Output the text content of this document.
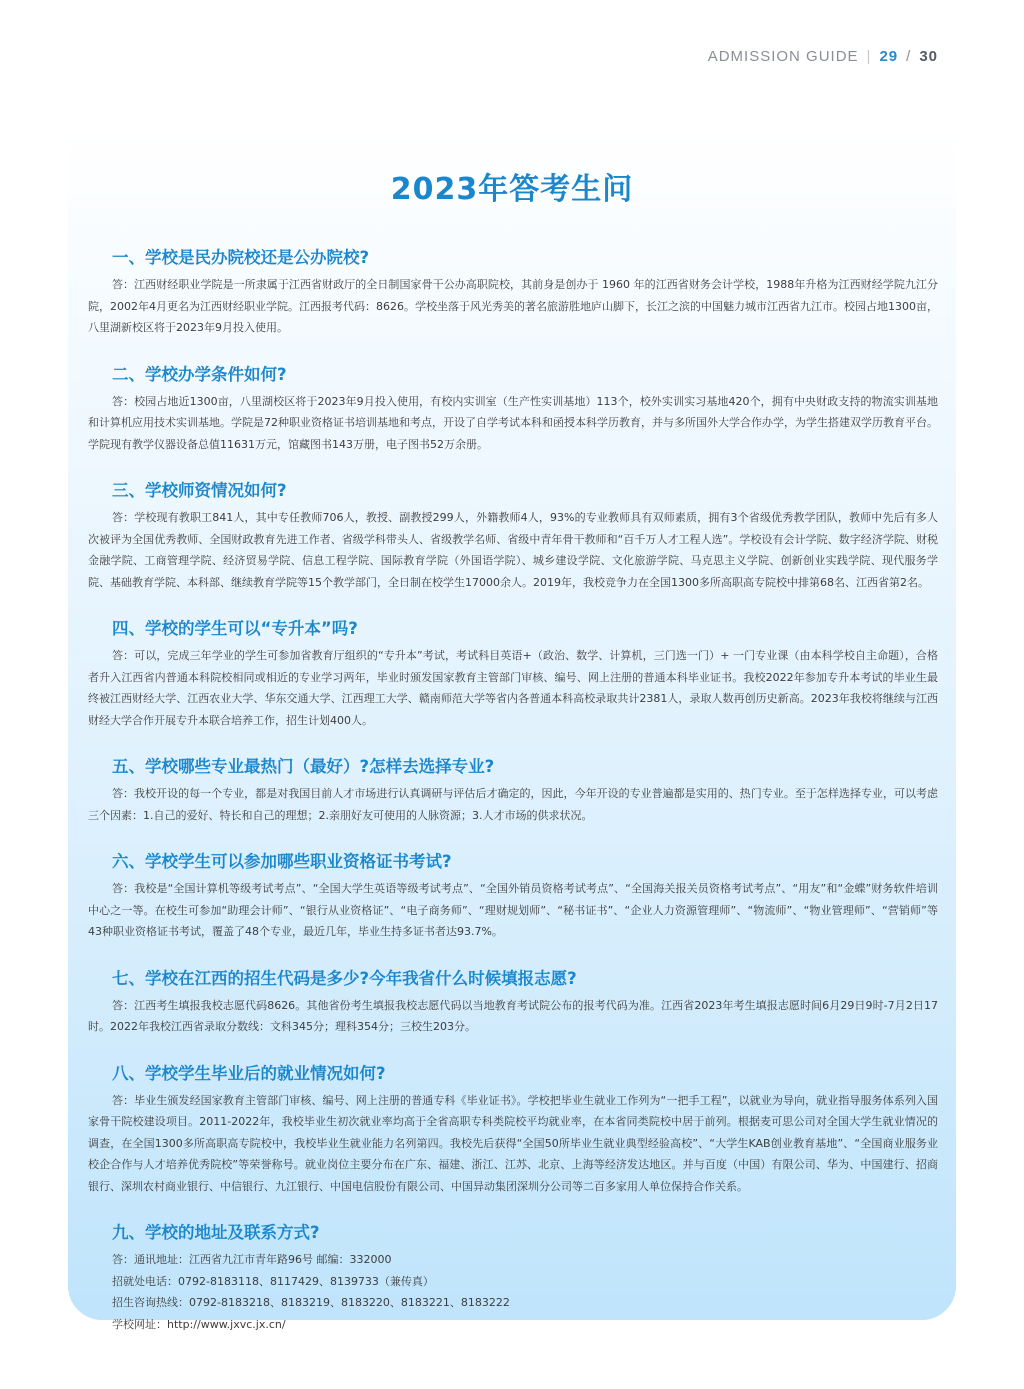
ADMISSION GUIDE | 29 / 30
2023年答考生问
一、学校是民办院校还是公办院校?

答：江西财经职业学院是一所隶属于江西省财政厅的全日制国家骨干公办高职院校，其前身是创办于 1960 年的江西省财务会计学校，1988年升格为江西财经学院九江分院，2002年4月更名为江西财经职业学院。江西报考代码：8626。学校坐落于风光秀美的著名旅游胜地庐山脚下，长江之滨的中国魅力城市江西省九江市。校园占地1300亩，八里湖新校区将于2023年9月投入使用。

二、学校办学条件如何?

答：校园占地近1300亩，八里湖校区将于2023年9月投入使用，有校内实训室（生产性实训基地）113个，校外实训实习基地420个，拥有中央财政支持的物流实训基地和计算机应用技术实训基地。学院是72种职业资格证书培训基地和考点，开设了自学考试本科和函授本科学历教育，并与多所国外大学合作办学，为学生搭建双学历教育平台。学院现有教学仪器设备总值11631万元，馆藏图书143万册，电子图书52万余册。

三、学校师资情况如何?

答：学校现有教职工841人，其中专任教师706人，教授、副教授299人，外籍教师4人，93%的专业教师具有双师素质，拥有3个省级优秀教学团队，教师中先后有多人次被评为全国优秀教师、全国财政教育先进工作者、省级学科带头人、省级教学名师、省级中青年骨干教师和“百千万人才工程人选”。学校设有会计学院、数字经济学院、财税金融学院、工商管理学院、经济贸易学院、信息工程学院、国际教育学院（外国语学院）、城乡建设学院、文化旅游学院、马克思主义学院、创新创业实践学院、现代服务学院、基础教育学院、本科部、继续教育学院等15个教学部门，全日制在校学生17000余人。2019年，我校竞争力在全国1300多所高职高专院校中排第68名、江西省第2名。

四、学校的学生可以“专升本”吗?

答：可以，完成三年学业的学生可参加省教育厅组织的“专升本”考试，考试科目英语+（政治、数学、计算机，三门选一门）+ 一门专业课（由本科学校自主命题），合格者升入江西省内普通本科院校相同或相近的专业学习两年，毕业时颁发国家教育主管部门审核、编号、网上注册的普通本科毕业证书。我校2022年参加专升本考试的毕业生最终被江西财经大学、江西农业大学、华东交通大学、江西理工大学、赣南师范大学等省内各普通本科高校录取共计2381人，录取人数再创历史新高。2023年我校将继续与江西财经大学合作开展专升本联合培养工作，招生计划400人。

五、学校哪些专业最热门（最好）?怎样去选择专业?

答：我校开设的每一个专业，都是对我国目前人才市场进行认真调研与评估后才确定的，因此，今年开设的专业普遍都是实用的、热门专业。至于怎样选择专业，可以考虑三个因素：1.自己的爱好、特长和自己的理想；2.亲朋好友可使用的人脉资源；3.人才市场的供求状况。

六、学校学生可以参加哪些职业资格证书考试?

答：我校是“全国计算机等级考试考点”、“全国大学生英语等级考试考点”、“全国外销员资格考试考点”、“全国海关报关员资格考试考点”、“用友”和“金蝶”财务软件培训中心之一等。在校生可参加“助理会计师”、“银行从业资格证”、“电子商务师”、“理财规划师”、“秘书证书”、“企业人力资源管理师”、“物流师”、“物业管理师”、“营销师”等43种职业资格证书考试，覆盖了48个专业，最近几年，毕业生持多证书者达93.7%。

七、学校在江西的招生代码是多少?今年我省什么时候填报志愿?

答：江西考生填报我校志愿代码8626。其他省份考生填报我校志愿代码以当地教育考试院公布的报考代码为准。江西省2023年考生填报志愿时间6月29日9时-7月2日17时。2022年我校江西省录取分数线：文科345分；理科354分；三校生203分。

八、学校学生毕业后的就业情况如何?

答：毕业生颁发经国家教育主管部门审核、编号、网上注册的普通专科《毕业证书》。学校把毕业生就业工作列为“一把手工程”，以就业为导向，就业指导服务体系列入国家骨干院校建设项目。2011-2022年，我校毕业生初次就业率均高于全省高职专科类院校平均就业率，在本省同类院校中居于前列。根据麦可思公司对全国大学生就业情况的调查，在全国1300多所高职高专院校中，我校毕业生就业能力名列第四。我校先后获得“全国50所毕业生就业典型经验高校”、“大学生KAB创业教育基地”、“全国商业服务业校企合作与人才培养优秀院校”等荣誉称号。就业岗位主要分布在广东、福建、浙江、江苏、北京、上海等经济发达地区。并与百度（中国）有限公司、华为、中国建行、招商银行、深圳农村商业银行、中信银行、九江银行、中国电信股份有限公司、中国异动集团深圳分公司等二百多家用人单位保持合作关系。

九、学校的地址及联系方式?

答：通讯地址：江西省九江市青年路96号 邮编：332000

招就处电话：0792-8183118、8117429、8139733（兼传真）

招生咨询热线：0792-8183218、8183219、8183220、8183221、8183222

学校网址：http://www.jxvc.jx.cn/
